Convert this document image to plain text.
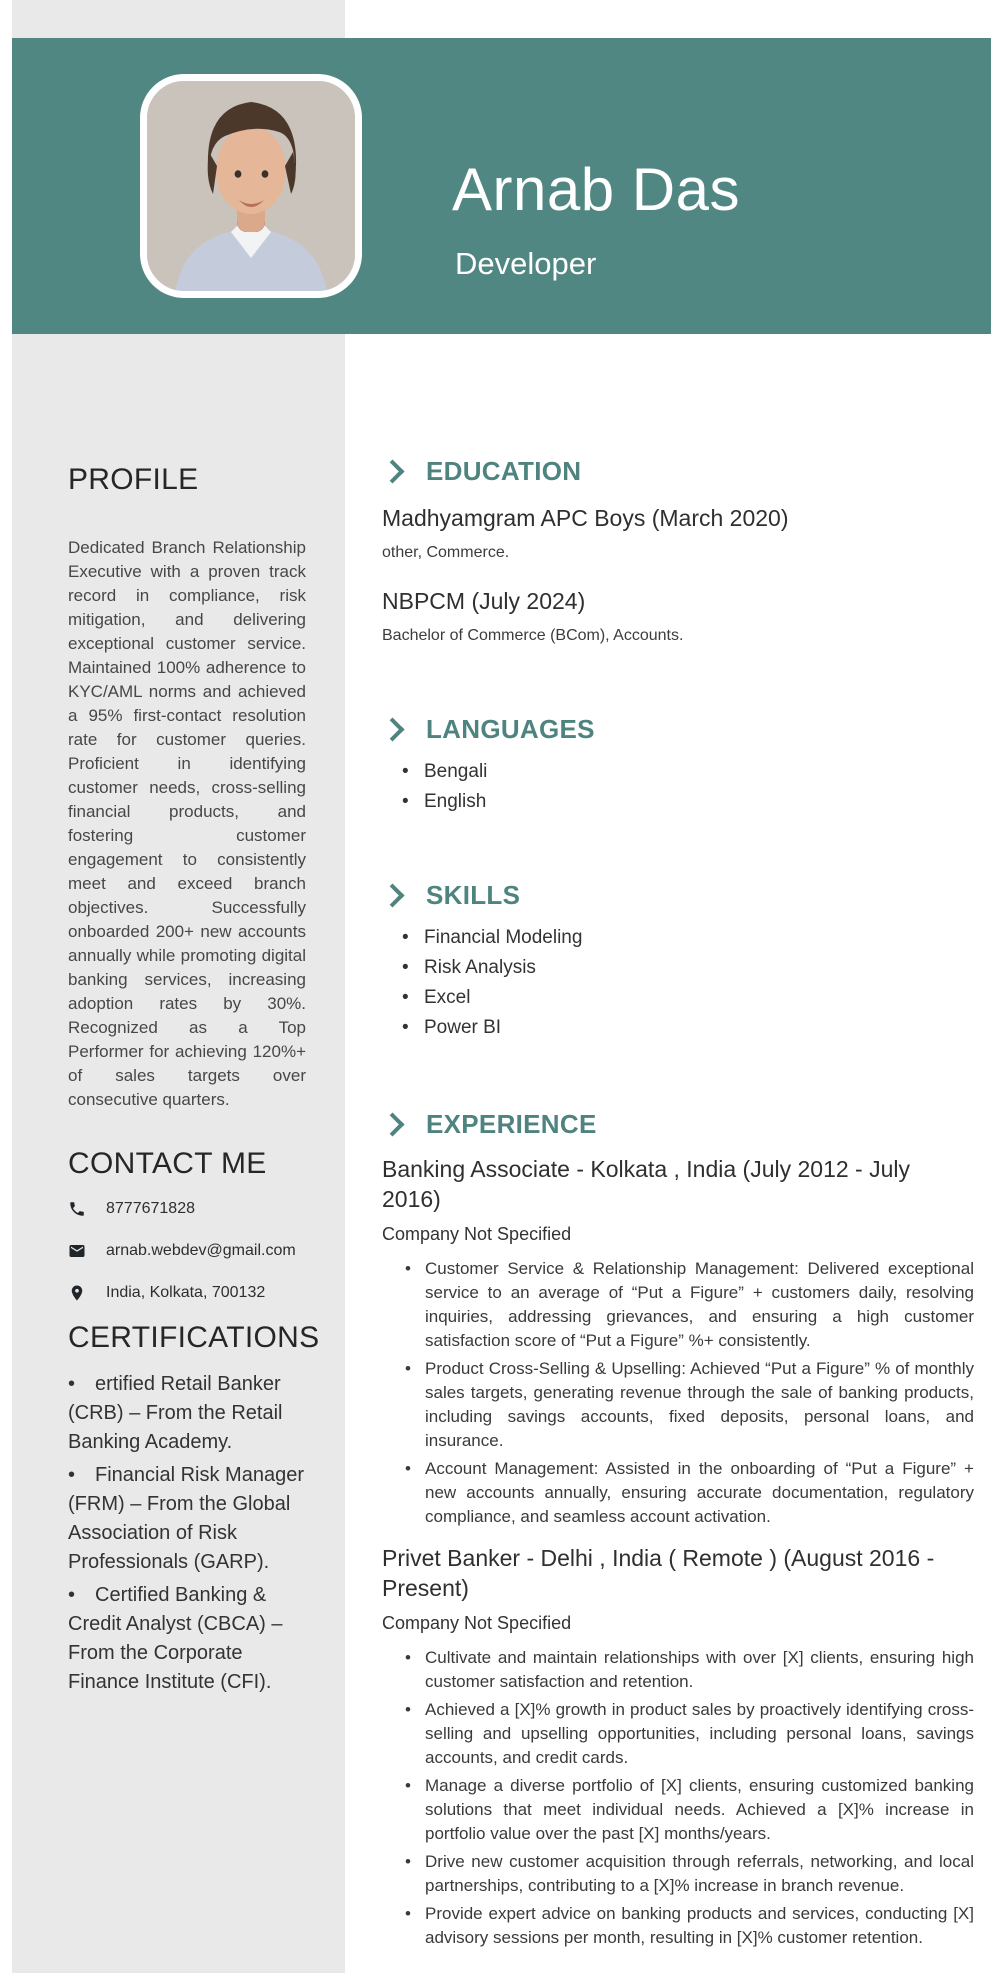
Arnab Das
Developer
PROFILE

Dedicated Branch Relationship Executive with a proven track record in compliance, risk mitigation, and delivering exceptional customer service. Maintained 100% adherence to KYC/AML norms and achieved a 95% first-contact resolution rate for customer queries. Proficient in identifying customer needs, cross-selling financial products, and fostering customer engagement to consistently meet and exceed branch objectives. Successfully onboarded 200+ new accounts annually while promoting digital banking services, increasing adoption rates by 30%. Recognized as a Top Performer for achieving 120%+ of sales targets over consecutive quarters.

CONTACT ME
8777671828
arnab.webdev@gmail.com
India, Kolkata, 700132
CERTIFICATIONS

•  ertified Retail Banker (CRB) – From the Retail Banking Academy.

•  Financial Risk Manager (FRM) – From the Global Association of Risk Professionals (GARP).

•  Certified Banking & Credit Analyst (CBCA) – From the Corporate Finance Institute (CFI).

EDUCATION

Madhyamgram APC Boys (March 2020)

other, Commerce.

NBPCM (July 2024)

Bachelor of Commerce (BCom), Accounts.

LANGUAGES
• Bengali
• English
SKILLS
• Financial Modeling
• Risk Analysis
• Excel
• Power BI
EXPERIENCE

Banking Associate - Kolkata , India (July 2012 - July 2016)

Company Not Specified

• Customer Service & Relationship Management: Delivered exceptional service to an average of “Put a Figure” + customers daily, resolving inquiries, addressing grievances, and ensuring a high customer satisfaction score of “Put a Figure” %+ consistently.
• Product Cross-Selling & Upselling: Achieved “Put a Figure” % of monthly sales targets, generating revenue through the sale of banking products, including savings accounts, fixed deposits, personal loans, and insurance.
• Account Management: Assisted in the onboarding of “Put a Figure” + new accounts annually, ensuring accurate documentation, regulatory compliance, and seamless account activation.

Privet Banker - Delhi , India ( Remote ) (August 2016 - Present)

Company Not Specified

• Cultivate and maintain relationships with over [X] clients, ensuring high customer satisfaction and retention.
• Achieved a [X]% growth in product sales by proactively identifying cross-selling and upselling opportunities, including personal loans, savings accounts, and credit cards.
• Manage a diverse portfolio of [X] clients, ensuring customized banking solutions that meet individual needs. Achieved a [X]% increase in portfolio value over the past [X] months/years.
• Drive new customer acquisition through referrals, networking, and local partnerships, contributing to a [X]% increase in branch revenue.
• Provide expert advice on banking products and services, conducting [X] advisory sessions per month, resulting in [X]% customer retention.
